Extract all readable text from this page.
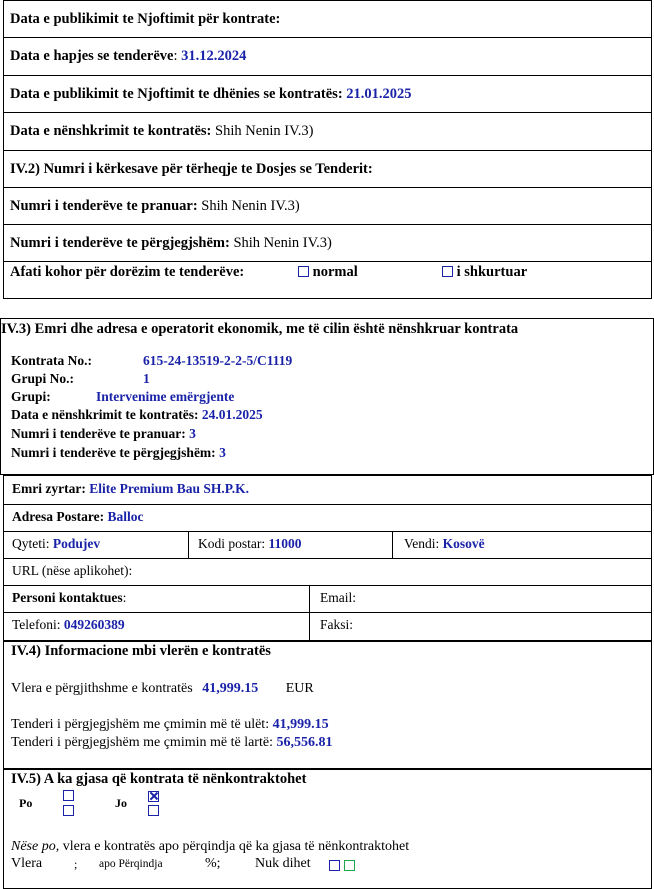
Data e publikimit te Njoftimit për kontrate:
Data e hapjes se tenderëve : 31.12.2024
Data e publikimit te Njoftimit te dhënies se kontratës:
21.01.2025
Data e nënshkrimit te kontratës:
Shih Nenin IV.3)
IV.2) Numri i kërkesave për tërheqje te Dosjes se Tenderit:
Numri i tenderëve te pranuar:
Shih Nenin IV.3)
Numri i tenderëve te përgjegjshëm:
Shih Nenin IV.3)
Afati kohor për dorëzim te tenderëve:	normal	i shkurtuar
IV.3) Emri dhe adresa e operatorit ekonomik, me të cilin është nënshkruar kontrata
Kontrata No.:	615-24-13519-2-2-5/C1119
Grupi No.:	1
Grupi:	Intervenime emërgjente
Data e nënshkrimit te kontratës: 24.01.2025
Numri i tenderëve te pranuar: 3
Numri i tenderëve te përgjegjshëm: 3
Emri zyrtar: Elite Premium Bau SH.P.K.
Adresa Postare: Balloc
Qyteti: Podujev	Kodi postar: 11000	Vendi: Kosovë
URL (nëse aplikohet):
Personi kontaktues:	Email:
Telefoni: 049260389	Faksi:
IV.4) Informacione mbi vlerën e kontratës
Vlera e përgjithshme e kontratës 41,999.15 EUR
Tenderi i përgjegjshëm me çmimin më të ulët: 41,999.15
Tenderi i përgjegjshëm me çmimin më të lartë: 56,556.81
IV.5) A ka gjasa që kontrata të nënkontraktohet
Po	Jo
Nëse po, vlera e kontratës apo përqindja që ka gjasa të nënkontraktohet
Vlera	; apo Përqindja	%; Nuk dihet
